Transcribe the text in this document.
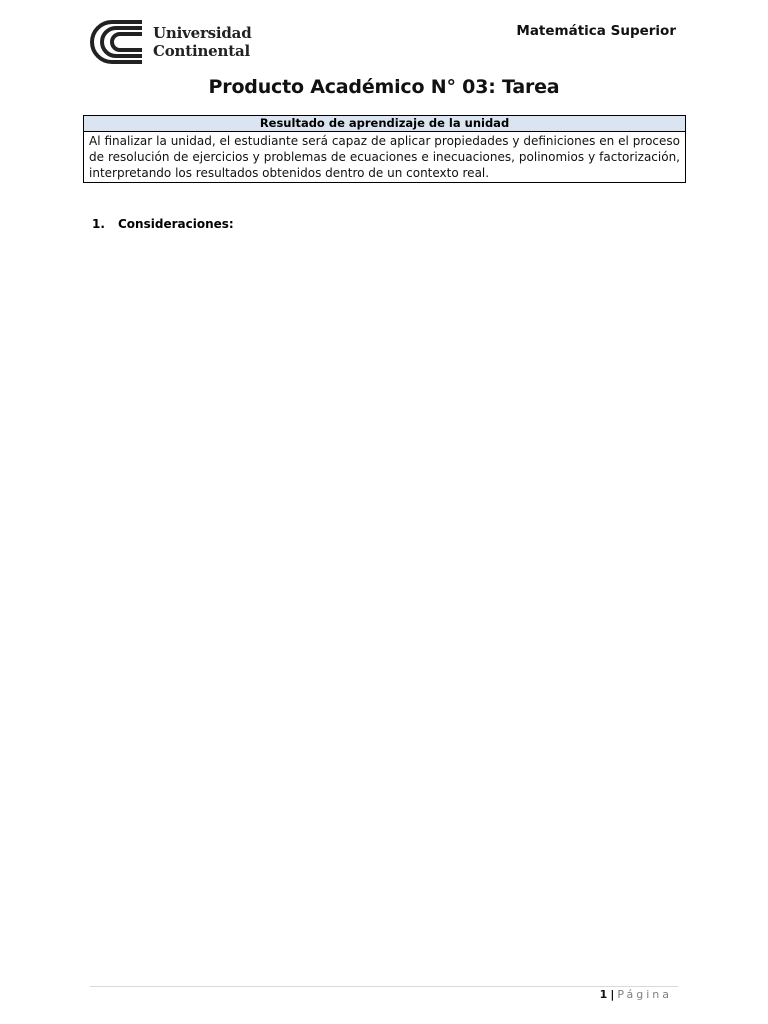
Universidad
Continental
Matemática Superior
Producto Académico N° 03: Tarea
Resultado de aprendizaje de la unidad
Al finalizar la unidad, el estudiante será capaz de aplicar propiedades y definiciones en el proceso de resolución de ejercicios y problemas de ecuaciones e inecuaciones, polinomios y factorización, interpretando los resultados obtenidos dentro de un contexto real.
1. Consideraciones:
1 | Página
